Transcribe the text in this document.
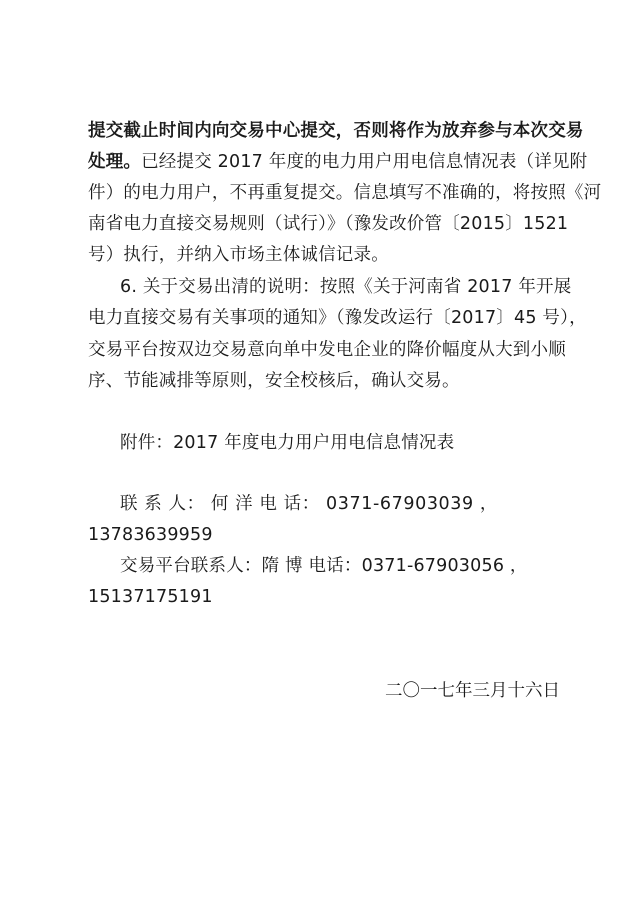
提交截止时间内向交易中心提交，否则将作为放弃参与本次交易
处理。已经提交 2017 年度的电力用户用电信息情况表（详见附
件）的电力用户，不再重复提交。信息填写不准确的，将按照《河
南省电力直接交易规则（试行）》（豫发改价管〔2015〕1521
号）执行，并纳入市场主体诚信记录。
6. 关于交易出清的说明：按照《关于河南省 2017 年开展
电力直接交易有关事项的通知》（豫发改运行〔2017〕45 号），
交易平台按双边交易意向单中发电企业的降价幅度从大到小顺
序、节能减排等原则，安全校核后，确认交易。
附件：2017 年度电力用户用电信息情况表
联 系 人： 何 洋 电 话： 0371-67903039 ，
13783639959
交易平台联系人：隋 博 电话：0371-67903056 ，
15137175191
二〇一七年三月十六日
